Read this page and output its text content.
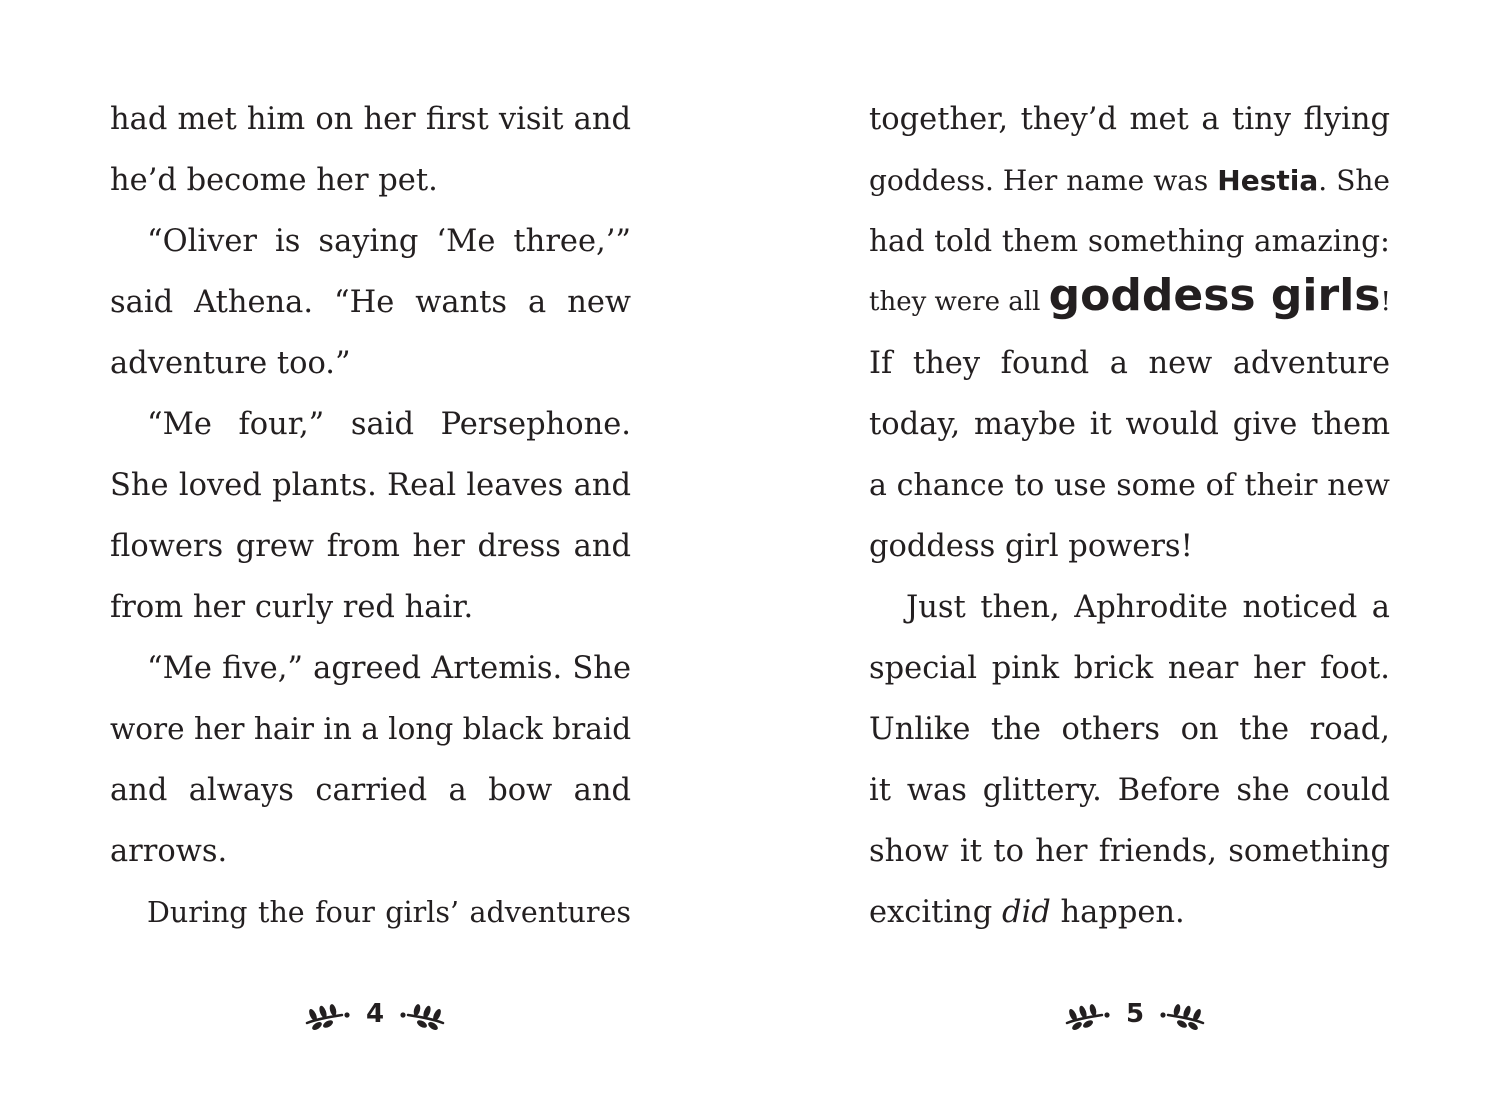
had met him on her first visit and
he’d become her pet.
“Oliver is saying ‘Me three,’”
said Athena. “He wants a new
adventure too.”
“Me four,” said Persephone.
She loved plants. Real leaves and
flowers grew from her dress and
from her curly red hair.
“Me five,” agreed Artemis. She
wore her hair in a long black braid
and always carried a bow and
arrows.
During the four girls’ adventures
together, they’d met a tiny flying
goddess. Her name was Hestia. She
had told them something amazing:
they were all goddess girls!
If they found a new adventure
today, maybe it would give them
a chance to use some of their new
goddess girl powers!
Just then, Aphrodite noticed a
special pink brick near her foot.
Unlike the others on the road,
it was glittery. Before she could
show it to her friends, something
exciting did happen.
4	5
